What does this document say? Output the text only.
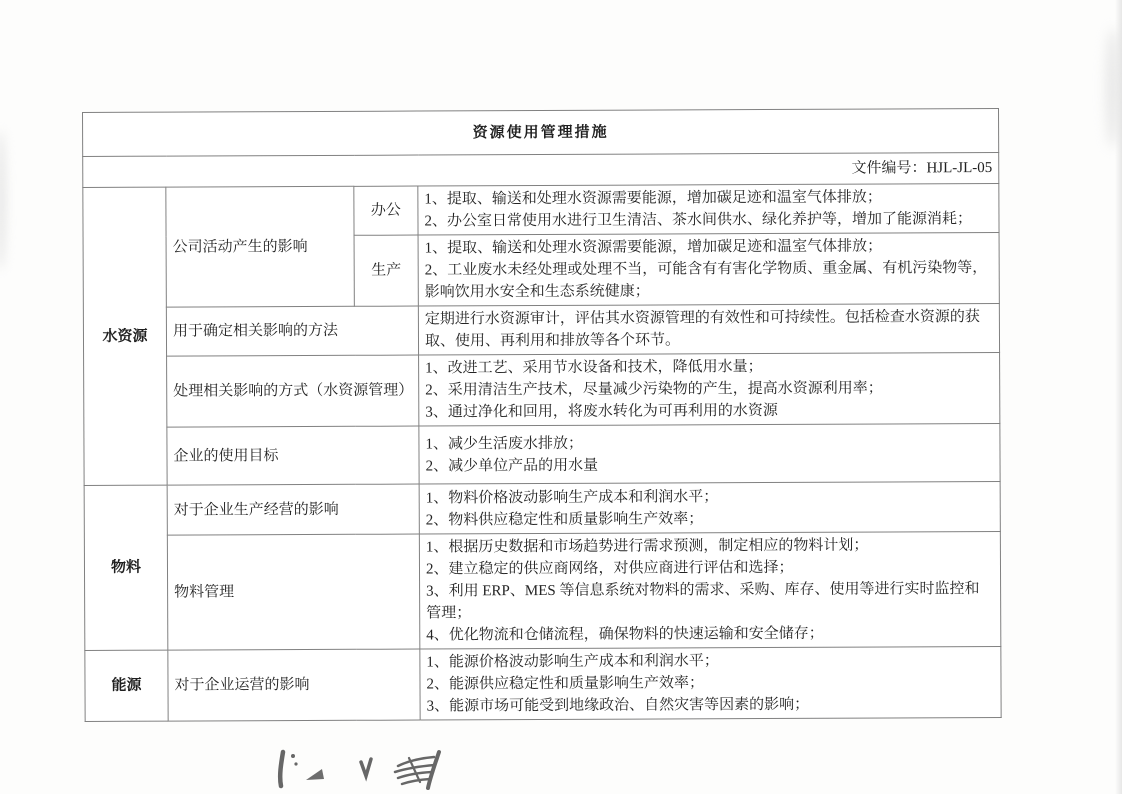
资源使用管理措施			
文件编号：HJL-JL-05			
水资源	公司活动产生的影响	办公	1、提取、输送和处理水资源需要能源，增加碳足迹和温室气体排放；
2、办公室日常使用水进行卫生清洁、茶水间供水、绿化养护等，增加了能源消耗；

		生产	1、提取、输送和处理水资源需要能源，增加碳足迹和温室气体排放；
2、工业废水未经处理或处理不当，可能含有有害化学物质、重金属、有机污染物等，影响饮用水安全和生态系统健康；

	用于确定相关影响的方法		定期进行水资源审计，评估其水资源管理的有效性和可持续性。包括检查水资源的获取、使用、再利用和排放等各个环节。

	处理相关影响的方式（水资源管理）		1、改进工艺、采用节水设备和技术，降低用水量；
2、采用清洁生产技术，尽量减少污染物的产生，提高水资源利用率；
3、通过净化和回用，将废水转化为可再利用的水资源

	企业的使用目标		1、减少生活废水排放；
2、减少单位产品的用水量

物料	对于企业生产经营的影响		1、物料价格波动影响生产成本和利润水平；
2、物料供应稳定性和质量影响生产效率；

	物料管理		1、根据历史数据和市场趋势进行需求预测，制定相应的物料计划；
2、建立稳定的供应商网络，对供应商进行评估和选择；
3、利用 ERP、MES 等信息系统对物料的需求、采购、库存、使用等进行实时监控和管理；
4、优化物流和仓储流程，确保物料的快速运输和安全储存；

能源	对于企业运营的影响		1、能源价格波动影响生产成本和利润水平；
2、能源供应稳定性和质量影响生产效率；
3、能源市场可能受到地缘政治、自然灾害等因素的影响；
